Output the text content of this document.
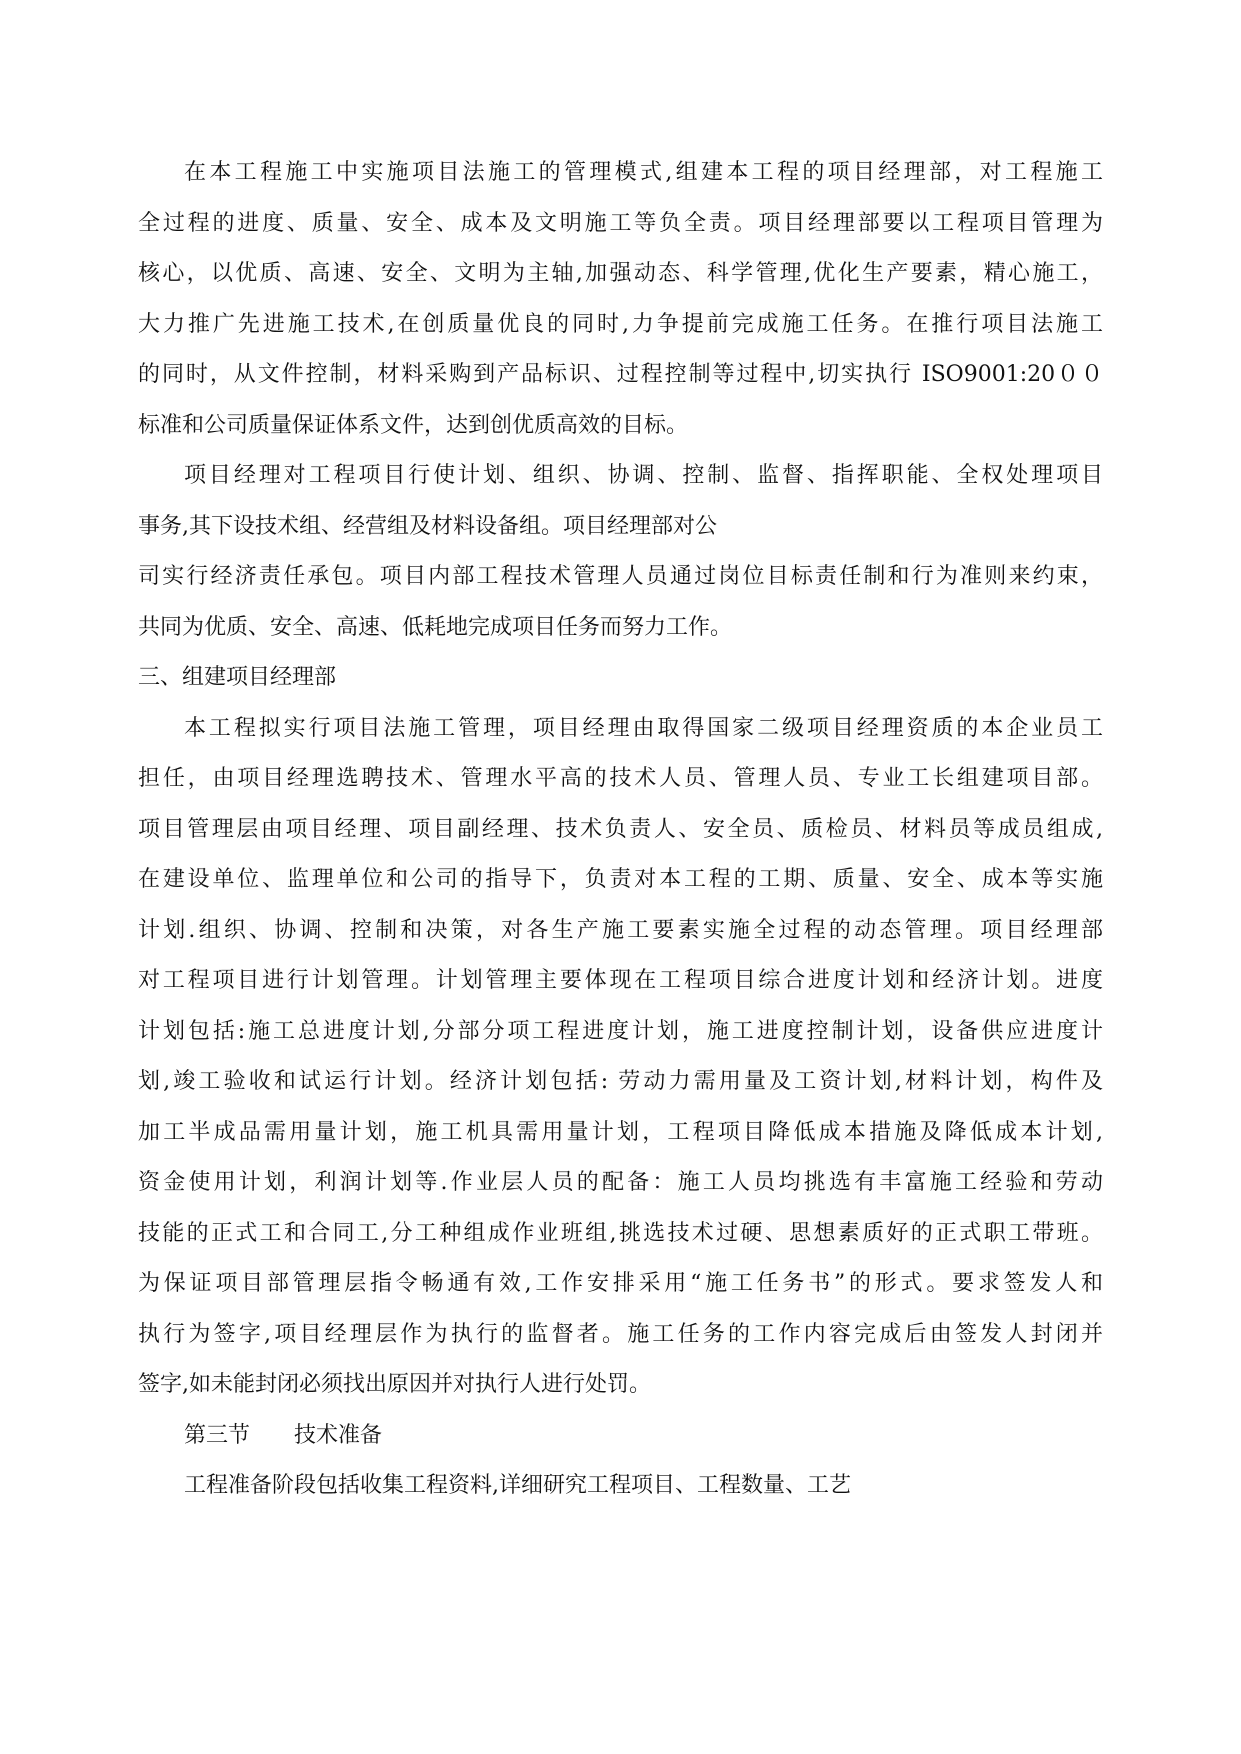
在本工程施工中实施项目法施工的管理模式,组建本工程的项目经理部，对工程施工
全过程的进度、质量、安全、成本及文明施工等负全责。项目经理部要以工程项目管理为
核心，以优质、高速、安全、文明为主轴,加强动态、科学管理,优化生产要素，精心施工，
大力推广先进施工技术,在创质量优良的同时,力争提前完成施工任务。在推行项目法施工
的同时，从文件控制，材料采购到产品标识、过程控制等过程中,切实执行 ISO9001:20００
标准和公司质量保证体系文件，达到创优质高效的目标。
项目经理对工程项目行使计划、组织、协调、控制、监督、指挥职能、全权处理项目
事务,其下设技术组、经营组及材料设备组。项目经理部对公
司实行经济责任承包。项目内部工程技术管理人员通过岗位目标责任制和行为准则来约束，
共同为优质、安全、高速、低耗地完成项目任务而努力工作。
三、组建项目经理部
本工程拟实行项目法施工管理，项目经理由取得国家二级项目经理资质的本企业员工
担任，由项目经理选聘技术、管理水平高的技术人员、管理人员、专业工长组建项目部。
项目管理层由项目经理、项目副经理、技术负责人、安全员、质检员、材料员等成员组成,
在建设单位、监理单位和公司的指导下，负责对本工程的工期、质量、安全、成本等实施
计划.组织、协调、控制和决策，对各生产施工要素实施全过程的动态管理。项目经理部
对工程项目进行计划管理。计划管理主要体现在工程项目综合进度计划和经济计划。进度
计划包括:施工总进度计划,分部分项工程进度计划，施工进度控制计划，设备供应进度计
划,竣工验收和试运行计划。经济计划包括: 劳动力需用量及工资计划,材料计划，构件及
加工半成品需用量计划，施工机具需用量计划，工程项目降低成本措施及降低成本计划,
资金使用计划，利润计划等.作业层人员的配备：施工人员均挑选有丰富施工经验和劳动
技能的正式工和合同工,分工种组成作业班组,挑选技术过硬、思想素质好的正式职工带班。
为保证项目部管理层指令畅通有效,工作安排采用“施工任务书”的形式。要求签发人和
执行为签字,项目经理层作为执行的监督者。施工任务的工作内容完成后由签发人封闭并
签字,如未能封闭必须找出原因并对执行人进行处罚。
第三节　　技术准备
工程准备阶段包括收集工程资料,详细研究工程项目、工程数量、工艺
